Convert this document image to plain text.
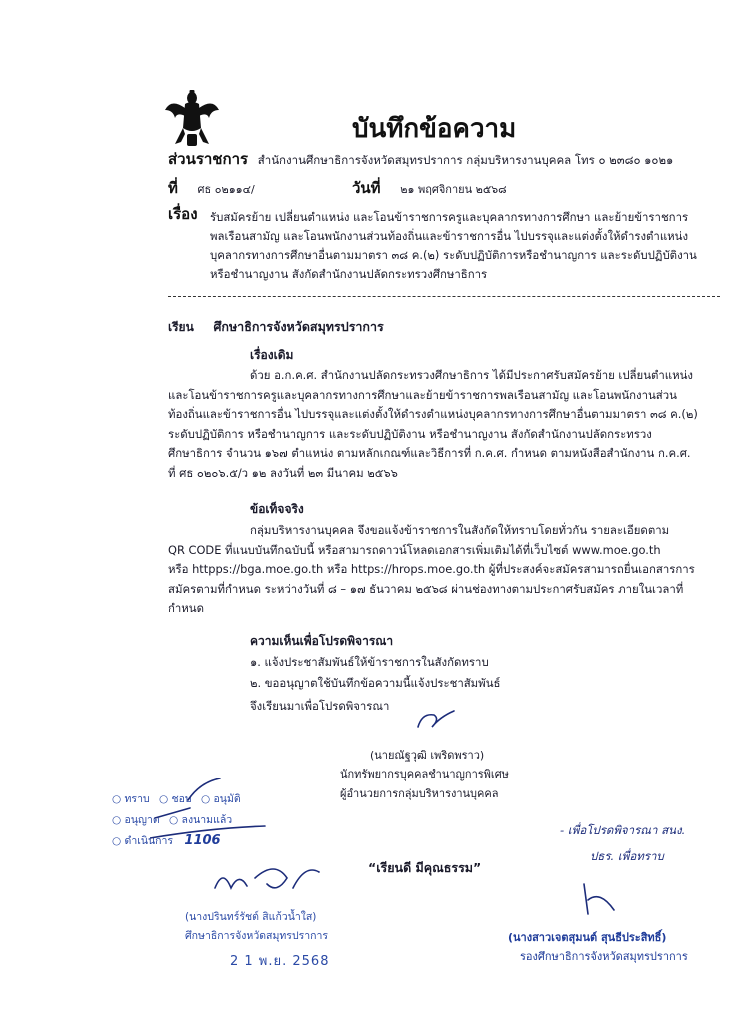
บันทึกข้อความ
ส่วนราชการ สำนักงานศึกษาธิการจังหวัดสมุทรปราการ กลุ่มบริหารงานบุคคล โทร ๐ ๒๓๘๐ ๑๐๒๑
ที่ ศธ ๐๒๑๑๔/	วันที่ ๒๑ พฤศจิกายน ๒๕๖๘
เรื่อง รับสมัครย้าย เปลี่ยนตำแหน่ง และโอนข้าราชการครูและบุคลากรทางการศึกษา และย้ายข้าราชการ
พลเรือนสามัญ และโอนพนักงานส่วนท้องถิ่นและข้าราชการอื่น ไปบรรจุและแต่งตั้งให้ดำรงตำแหน่ง
บุคลากรทางการศึกษาอื่นตามมาตรา ๓๘ ค.(๒) ระดับปฏิบัติการหรือชำนาญการ และระดับปฏิบัติงาน
หรือชำนาญงาน สังกัดสำนักงานปลัดกระทรวงศึกษาธิการ
เรียน ศึกษาธิการจังหวัดสมุทรปราการ
เรื่องเดิม
ด้วย อ.ก.ค.ศ. สำนักงานปลัดกระทรวงศึกษาธิการ ได้มีประกาศรับสมัครย้าย เปลี่ยนตำแหน่ง
และโอนข้าราชการครูและบุคลากรทางการศึกษาและย้ายข้าราชการพลเรือนสามัญ และโอนพนักงานส่วน
ท้องถิ่นและข้าราชการอื่น ไปบรรจุและแต่งตั้งให้ดำรงตำแหน่งบุคลากรทางการศึกษาอื่นตามมาตรา ๓๘ ค.(๒)
ระดับปฏิบัติการ หรือชำนาญการ และระดับปฏิบัติงาน หรือชำนาญงาน สังกัดสำนักงานปลัดกระทรวง
ศึกษาธิการ จำนวน ๑๖๗ ตำแหน่ง ตามหลักเกณฑ์และวิธีการที่ ก.ค.ศ. กำหนด ตามหนังสือสำนักงาน ก.ค.ศ.
ที่ ศธ ๐๒๐๖.๕/ว ๑๒ ลงวันที่ ๒๓ มีนาคม ๒๕๖๖
ข้อเท็จจริง
กลุ่มบริหารงานบุคคล จึงขอแจ้งข้าราชการในสังกัดให้ทราบโดยทั่วกัน รายละเอียดตาม
QR CODE ที่แนบบันทึกฉบับนี้ หรือสามารถดาวน์โหลดเอกสารเพิ่มเติมได้ที่เว็บไซต์ www.moe.go.th
หรือ httpps://bga.moe.go.th หรือ https://hrops.moe.go.th ผู้ที่ประสงค์จะสมัครสามารถยื่นเอกสารการ
สมัครตามที่กำหนด ระหว่างวันที่ ๘ – ๑๗ ธันวาคม ๒๕๖๘ ผ่านช่องทางตามประกาศรับสมัคร ภายในเวลาที่
กำหนด
ความเห็นเพื่อโปรดพิจารณา
๑. แจ้งประชาสัมพันธ์ให้ข้าราชการในสังกัดทราบ
๒. ขออนุญาตใช้บันทึกข้อความนี้แจ้งประชาสัมพันธ์
จึงเรียนมาเพื่อโปรดพิจารณา
(นายณัฐวุฒิ เพริดพราว)
นักทรัพยากรบุคคลชำนาญการพิเศษ
ผู้อำนวยการกลุ่มบริหารงานบุคคล
○ ทราบ ○ ชอบ ○ อนุมัติ
○ อนุญาต ○ ลงนามแล้ว
○ ดำเนินการ 1106
(นางปรินทร์รัชต์ สิแก้วน้ำใส)
ศึกษาธิการจังหวัดสมุทรปราการ
2 1 พ.ย. 2568
“เรียนดี มีคุณธรรม”
- เพื่อโปรดพิจารณา สนง.
ปธร. เพื่อทราบ
(นางสาวเจตสุมนต์ สุนธีประสิทธิ์)
รองศึกษาธิการจังหวัดสมุทรปราการ
